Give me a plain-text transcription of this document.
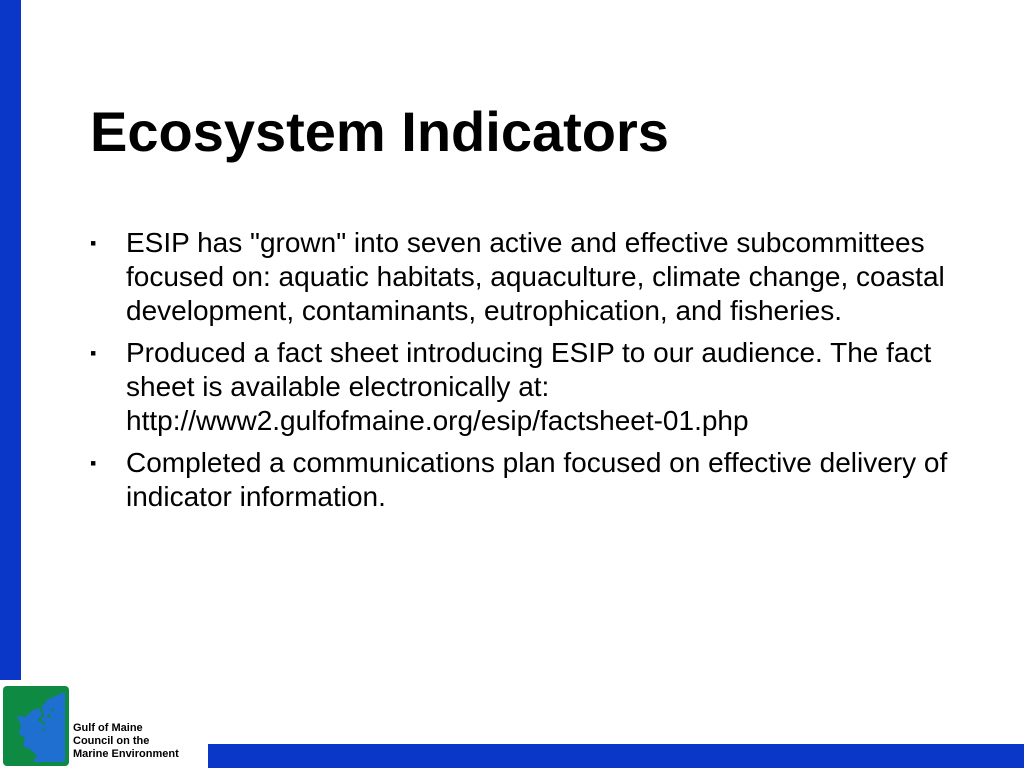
Ecosystem Indicators
▪ ESIP has "grown" into seven active and effective subcommittees focused on: aquatic habitats, aquaculture, climate change, coastal development, contaminants, eutrophication, and fisheries.
▪ Produced a fact sheet introducing ESIP to our audience. The fact sheet is available electronically at: http://www2.gulfofmaine.org/esip/factsheet-01.php
▪ Completed a communications plan focused on effective delivery of indicator information.
Gulf of Maine
Council on the
Marine Environment
